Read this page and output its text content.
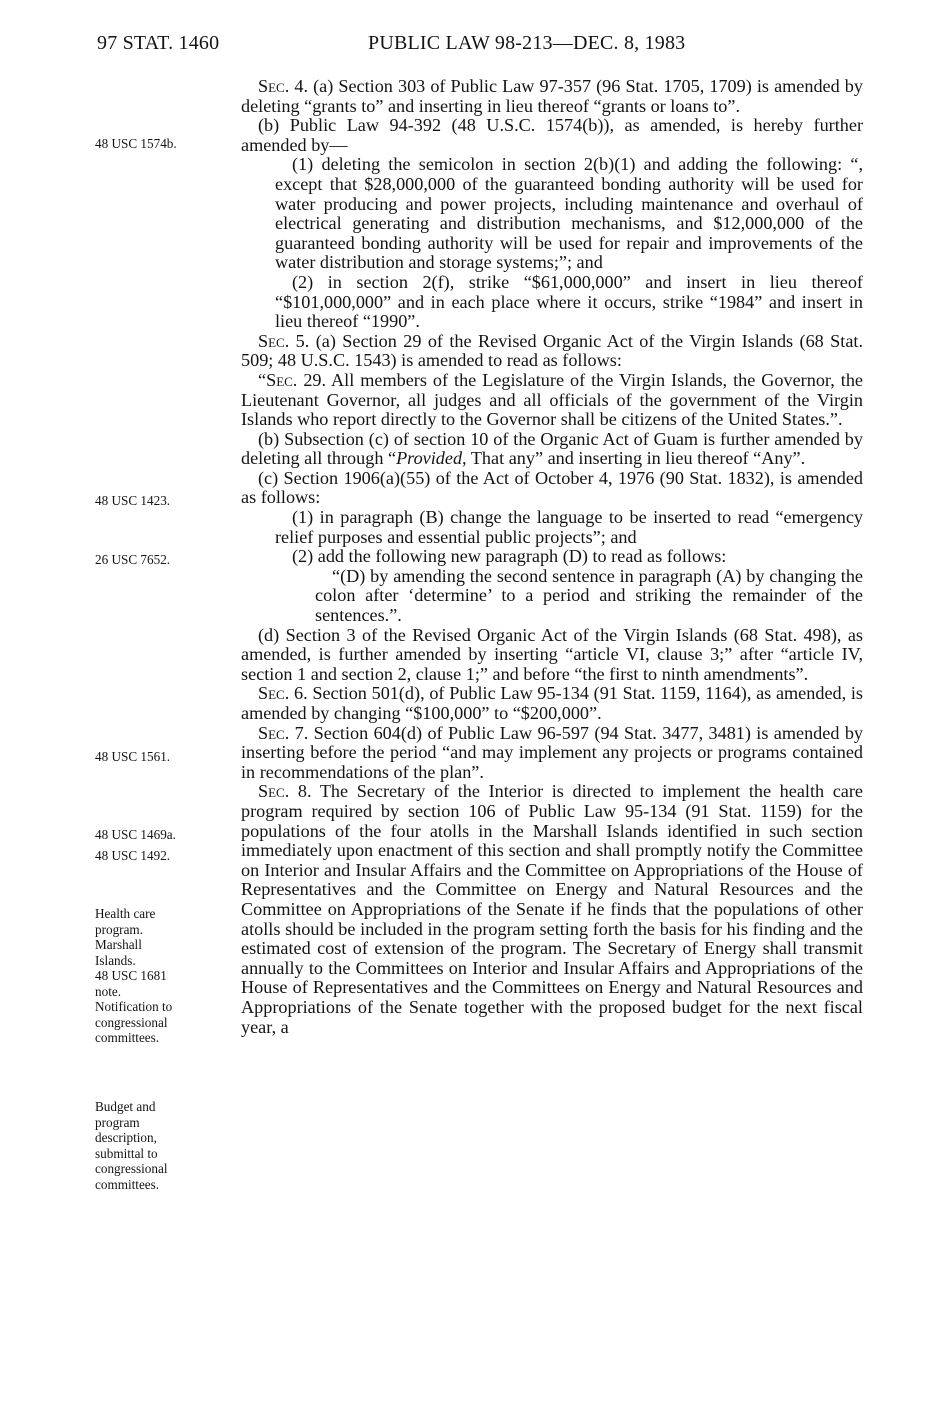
97 STAT. 1460	PUBLIC LAW 98-213—DEC. 8, 1983
48 USC 1574b.
48 USC 1423.
26 USC 7652.
48 USC 1561.
48 USC 1469a.
48 USC 1492.
Health care
program.
Marshall
Islands.
48 USC 1681
note.
Notification to
congressional
committees.
Budget and
program
description,
submittal to
congressional
committees.

Sec. 4. (a) Section 303 of Public Law 97-357 (96 Stat. 1705, 1709) is amended by deleting “grants to” and inserting in lieu thereof “grants or loans to”.

(b) Public Law 94-392 (48 U.S.C. 1574(b)), as amended, is hereby further amended by—

(1) deleting the semicolon in section 2(b)(1) and adding the following: “, except that $28,000,000 of the guaranteed bonding authority will be used for water producing and power projects, including maintenance and overhaul of electrical generating and distribution mechanisms, and $12,000,000 of the guaranteed bonding authority will be used for repair and improvements of the water distribution and storage systems;”; and

(2) in section 2(f), strike “$61,000,000” and insert in lieu thereof “$101,000,000” and in each place where it occurs, strike “1984” and insert in lieu thereof “1990”.

Sec. 5. (a) Section 29 of the Revised Organic Act of the Virgin Islands (68 Stat. 509; 48 U.S.C. 1543) is amended to read as follows:

“Sec. 29. All members of the Legislature of the Virgin Islands, the Governor, the Lieutenant Governor, all judges and all officials of the government of the Virgin Islands who report directly to the Governor shall be citizens of the United States.”.

(b) Subsection (c) of section 10 of the Organic Act of Guam is further amended by deleting all through “Provided, That any” and inserting in lieu thereof “Any”.

(c) Section 1906(a)(55) of the Act of October 4, 1976 (90 Stat. 1832), is amended as follows:

(1) in paragraph (B) change the language to be inserted to read “emergency relief purposes and essential public projects”; and

(2) add the following new paragraph (D) to read as follows:

“(D) by amending the second sentence in paragraph (A) by changing the colon after ‘determine’ to a period and striking the remainder of the sentences.”.

(d) Section 3 of the Revised Organic Act of the Virgin Islands (68 Stat. 498), as amended, is further amended by inserting “article VI, clause 3;” after “article IV, section 1 and section 2, clause 1;” and before “the first to ninth amendments”.

Sec. 6. Section 501(d), of Public Law 95-134 (91 Stat. 1159, 1164), as amended, is amended by changing “$100,000” to “$200,000”.

Sec. 7. Section 604(d) of Public Law 96-597 (94 Stat. 3477, 3481) is amended by inserting before the period “and may implement any projects or programs contained in recommendations of the plan”.

Sec. 8. The Secretary of the Interior is directed to implement the health care program required by section 106 of Public Law 95-134 (91 Stat. 1159) for the populations of the four atolls in the Marshall Islands identified in such section immediately upon enactment of this section and shall promptly notify the Committee on Interior and Insular Affairs and the Committee on Appropriations of the House of Representatives and the Committee on Energy and Natural Resources and the Committee on Appropriations of the Senate if he finds that the populations of other atolls should be included in the program setting forth the basis for his finding and the estimated cost of extension of the program. The Secretary of Energy shall transmit annually to the Committees on Interior and Insular Affairs and Appropriations of the House of Representatives and the Committees on Energy and Natural Resources and Appropriations of the Senate together with the proposed budget for the next fiscal year, a
